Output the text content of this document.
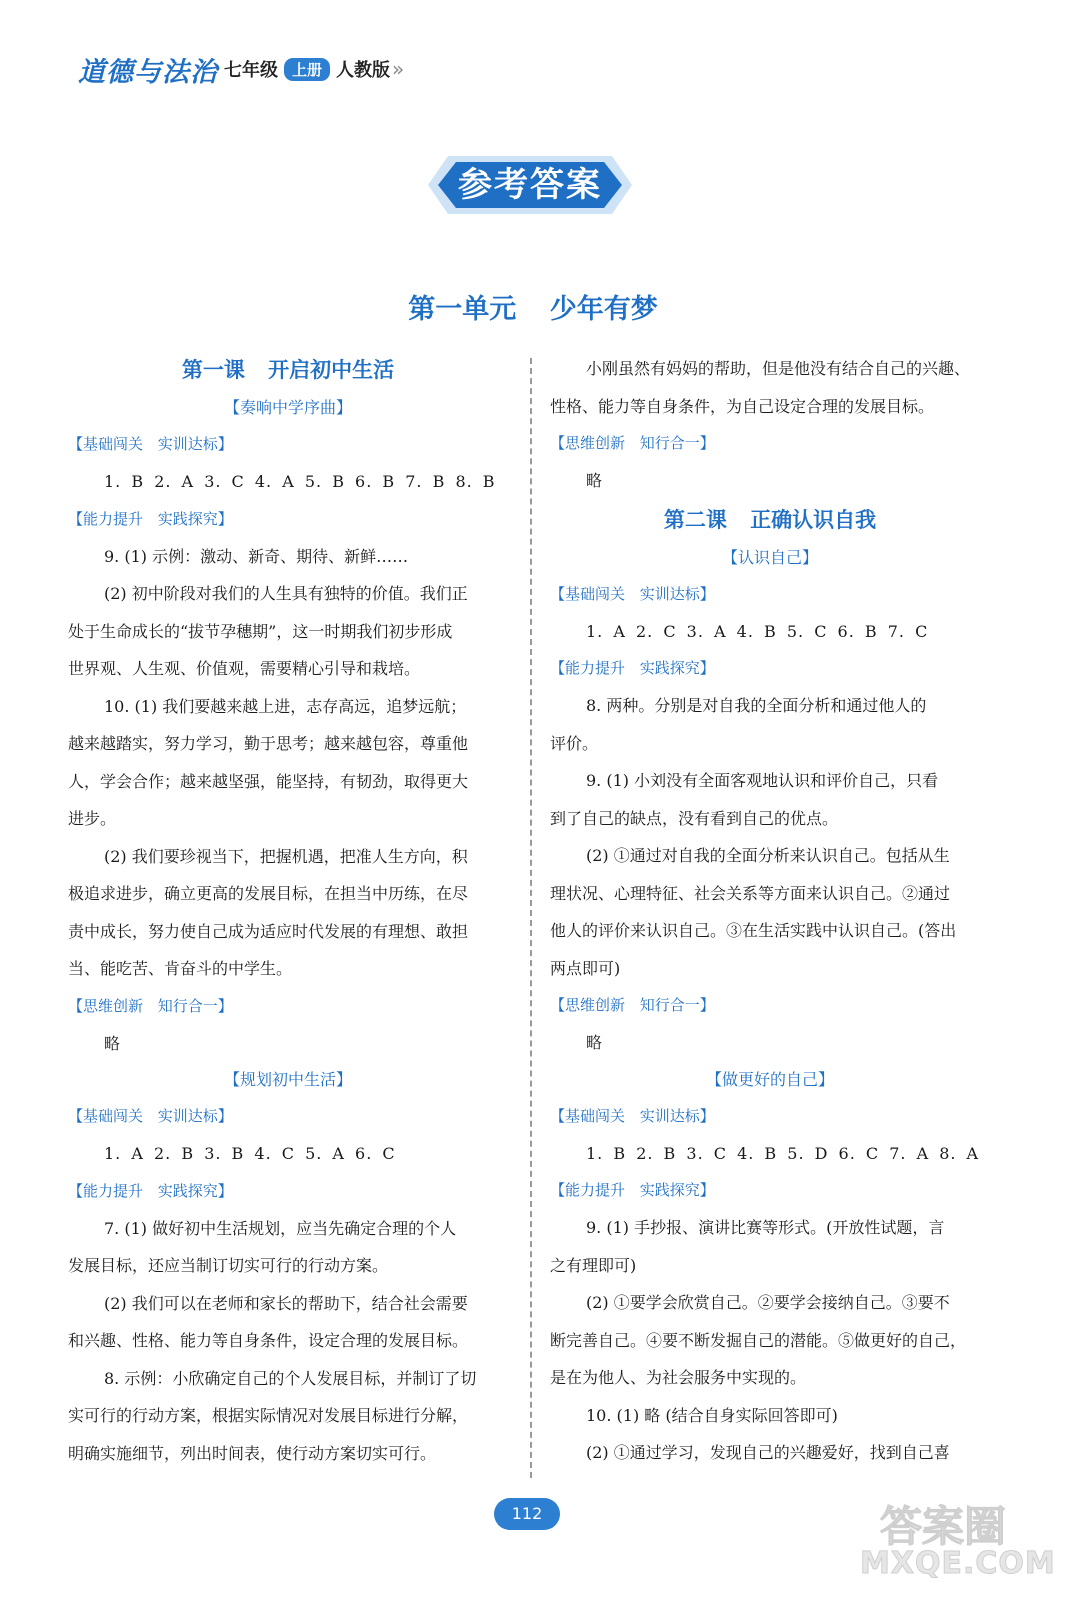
道德与法治 七年级 上册 人教版 »
参考答案
第一单元 少年有梦
第一课 开启初中生活
【奏响中学序曲】
【基础闯关 实训达标】
1. B 2. A 3. C 4. A 5. B 6. B 7. B 8. B
【能力提升 实践探究】
9. (1) 示例：激动、新奇、期待、新鲜……
(2) 初中阶段对我们的人生具有独特的价值。我们正
处于生命成长的“拔节孕穗期”，这一时期我们初步形成
世界观、人生观、价值观，需要精心引导和栽培。
10. (1) 我们要越来越上进，志存高远，追梦远航；
越来越踏实，努力学习，勤于思考；越来越包容，尊重他
人，学会合作；越来越坚强，能坚持，有韧劲，取得更大
进步。
(2) 我们要珍视当下，把握机遇，把准人生方向，积
极追求进步，确立更高的发展目标，在担当中历练，在尽
责中成长，努力使自己成为适应时代发展的有理想、敢担
当、能吃苦、肯奋斗的中学生。
【思维创新 知行合一】
略
【规划初中生活】
【基础闯关 实训达标】
1. A 2. B 3. B 4. C 5. A 6. C
【能力提升 实践探究】
7. (1) 做好初中生活规划，应当先确定合理的个人
发展目标，还应当制订切实可行的行动方案。
(2) 我们可以在老师和家长的帮助下，结合社会需要
和兴趣、性格、能力等自身条件，设定合理的发展目标。
8. 示例：小欣确定自己的个人发展目标，并制订了切
实可行的行动方案，根据实际情况对发展目标进行分解，
明确实施细节，列出时间表，使行动方案切实可行。
小刚虽然有妈妈的帮助，但是他没有结合自己的兴趣、
性格、能力等自身条件，为自己设定合理的发展目标。
【思维创新 知行合一】
略
第二课 正确认识自我
【认识自己】
【基础闯关 实训达标】
1. A 2. C 3. A 4. B 5. C 6. B 7. C
【能力提升 实践探究】
8. 两种。分别是对自我的全面分析和通过他人的
评价。
9. (1) 小刘没有全面客观地认识和评价自己，只看
到了自己的缺点，没有看到自己的优点。
(2) ①通过对自我的全面分析来认识自己。包括从生
理状况、心理特征、社会关系等方面来认识自己。②通过
他人的评价来认识自己。③在生活实践中认识自己。(答出
两点即可)
【思维创新 知行合一】
略
【做更好的自己】
【基础闯关 实训达标】
1. B 2. B 3. C 4. B 5. D 6. C 7. A 8. A
【能力提升 实践探究】
9. (1) 手抄报、演讲比赛等形式。(开放性试题，言
之有理即可)
(2) ①要学会欣赏自己。②要学会接纳自己。③要不
断完善自己。④要不断发掘自己的潜能。⑤做更好的自己，
是在为他人、为社会服务中实现的。
10. (1) 略 (结合自身实际回答即可)
(2) ①通过学习，发现自己的兴趣爱好，找到自己喜
112	答案圈
MXQE.COM
